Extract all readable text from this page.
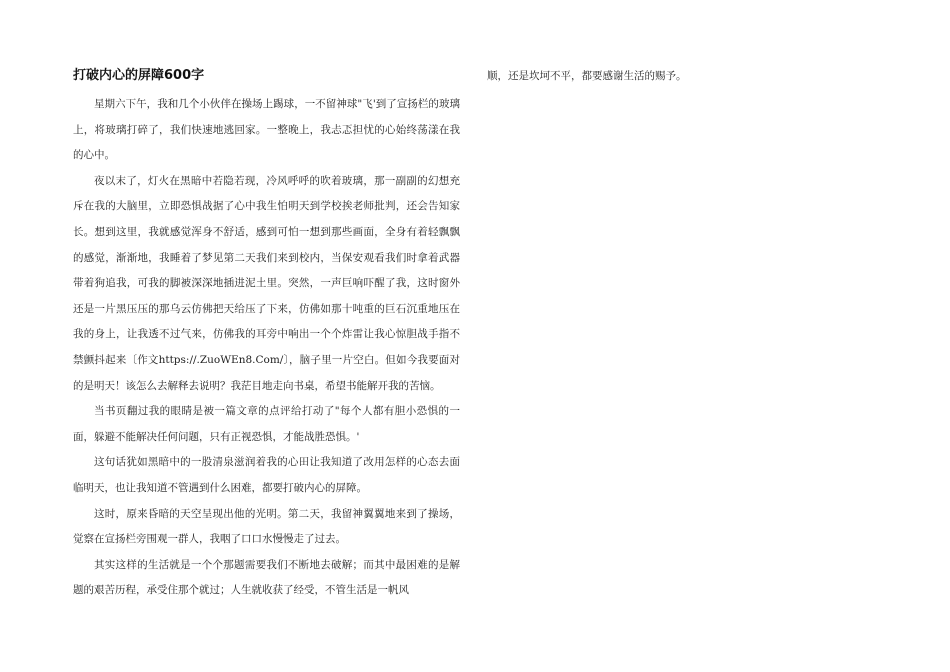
打破内心的屏障600字

星期六下午，我和几个小伙伴在操场上踢球，一不留神球"飞'到了宣扬栏的玻璃上，将玻璃打碎了，我们快速地逃回家。一整晚上，我忐忑担忧的心始终荡漾在我的心中。

夜以末了，灯火在黑暗中若隐若现，冷风呼呼的吹着玻璃，那一副副的幻想充斥在我的大脑里，立即恐惧战据了心中我生怕明天到学校挨老师批判，还会告知家长。想到这里，我就感觉浑身不舒适，感到可怕一想到那些画面，全身有着轻飘飘的感觉，渐渐地，我睡着了梦见第二天我们来到校内，当保安观看我们时拿着武器带着狗追我，可我的脚被深深地插进泥土里。突然，一声巨响吓醒了我，这时窗外还是一片黑压压的那乌云仿佛把天给压了下来，仿佛如那十吨重的巨石沉重地压在我的身上，让我透不过气来，仿佛我的耳旁中响出一个个炸雷让我心惊胆战手指不禁颤抖起来〔作文https://.ZuoWEn8.Com/〕，脑子里一片空白。但如今我要面对的是明天！该怎么去解释去说明？我茫目地走向书桌，希望书能解开我的苦恼。

当书页翻过我的眼睛是被一篇文章的点评给打动了"每个人都有胆小恐惧的一面，躲避不能解决任何问题，只有正视恐惧，才能战胜恐惧。'

这句话犹如黑暗中的一股清泉滋润着我的心田让我知道了改用怎样的心态去面临明天，也让我知道不管遇到什么困难，都要打破内心的屏障。

这时，原来昏暗的天空呈现出他的光明。第二天，我留神翼翼地来到了操场，觉察在宣扬栏旁围观一群人，我咽了口口水慢慢走了过去。

其实这样的生活就是一个个那题需要我们不断地去破解；而其中最困难的是解题的艰苦历程，承受住那个就过；人生就收获了经受，不管生活是一帆风

顺，还是坎坷不平，都要感谢生活的赐予。
